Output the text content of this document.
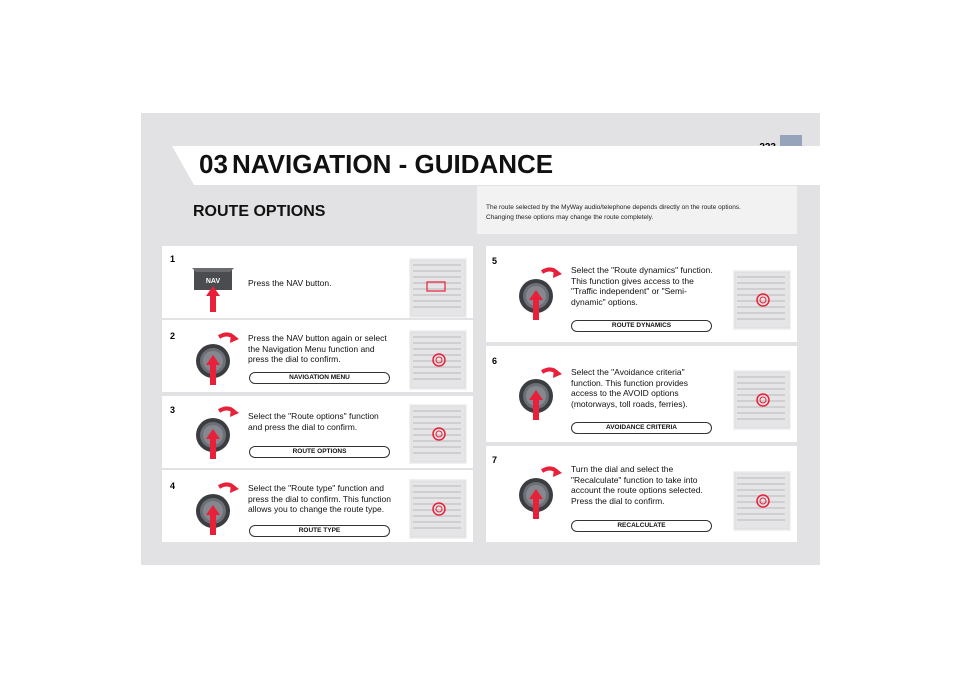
03 NAVIGATION - GUIDANCE
ROUTE OPTIONS	The route selected by the MyWay audio/telephone depends directly on the route options.
Changing these options may change the route completely.
1
NAV	Press the NAV button.
2	Press the NAV button again or select
the Navigation Menu function and
press the dial to confirm.
NAVIGATION MENU
3
Select the "Route options" function
and press the dial to confirm.
ROUTE OPTIONS
4	Select the "Route type" function and
press the dial to confirm. This function
allows you to change the route type.
ROUTE TYPE
5
Select the "Route dynamics" function.
This function gives access to the
"Traffic independent" or "Semi-
dynamic" options.
ROUTE DYNAMICS
6
Select the "Avoidance criteria"
function. This function provides
access to the AVOID options
(motorways, toll roads, ferries).
AVOIDANCE CRITERIA
7
Turn the dial and select the
"Recalculate" function to take into
account the route options selected.
Press the dial to confirm.
RECALCULATE
